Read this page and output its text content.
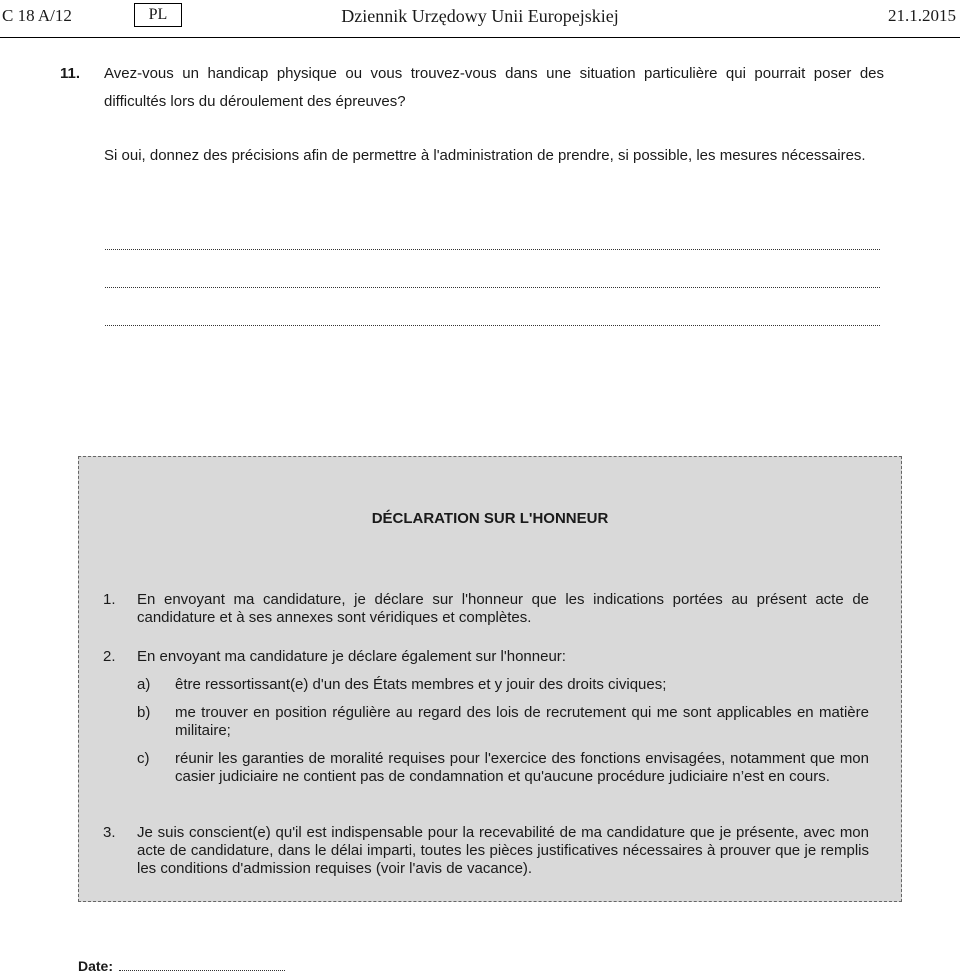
C 18 A/12	PL	Dziennik Urzędowy Unii Europejskiej	21.1.2015
11. Avez-vous un handicap physique ou vous trouvez-vous dans une situation particulière qui pourrait poser des difficultés lors du déroulement des épreuves?
Si oui, donnez des précisions afin de permettre à l'administration de prendre, si possible, les mesures nécessaires.
DÉCLARATION SUR L'HONNEUR
1. En envoyant ma candidature, je déclare sur l'honneur que les indications portées au présent acte de candidature et à ses annexes sont véridiques et complètes.
2. En envoyant ma candidature je déclare également sur l'honneur:
a) être ressortissant(e) d'un des États membres et y jouir des droits civiques;
b) me trouver en position régulière au regard des lois de recrutement qui me sont applicables en matière militaire;
c) réunir les garanties de moralité requises pour l'exercice des fonctions envisagées, notamment que mon casier judiciaire ne contient pas de condamnation et qu'aucune procédure judiciaire n’est en cours.
3. Je suis conscient(e) qu'il est indispensable pour la recevabilité de ma candidature que je présente, avec mon acte de candidature, dans le délai imparti, toutes les pièces justificatives nécessaires à prouver que je remplis les conditions d'admission requises (voir l'avis de vacance).
Date:
